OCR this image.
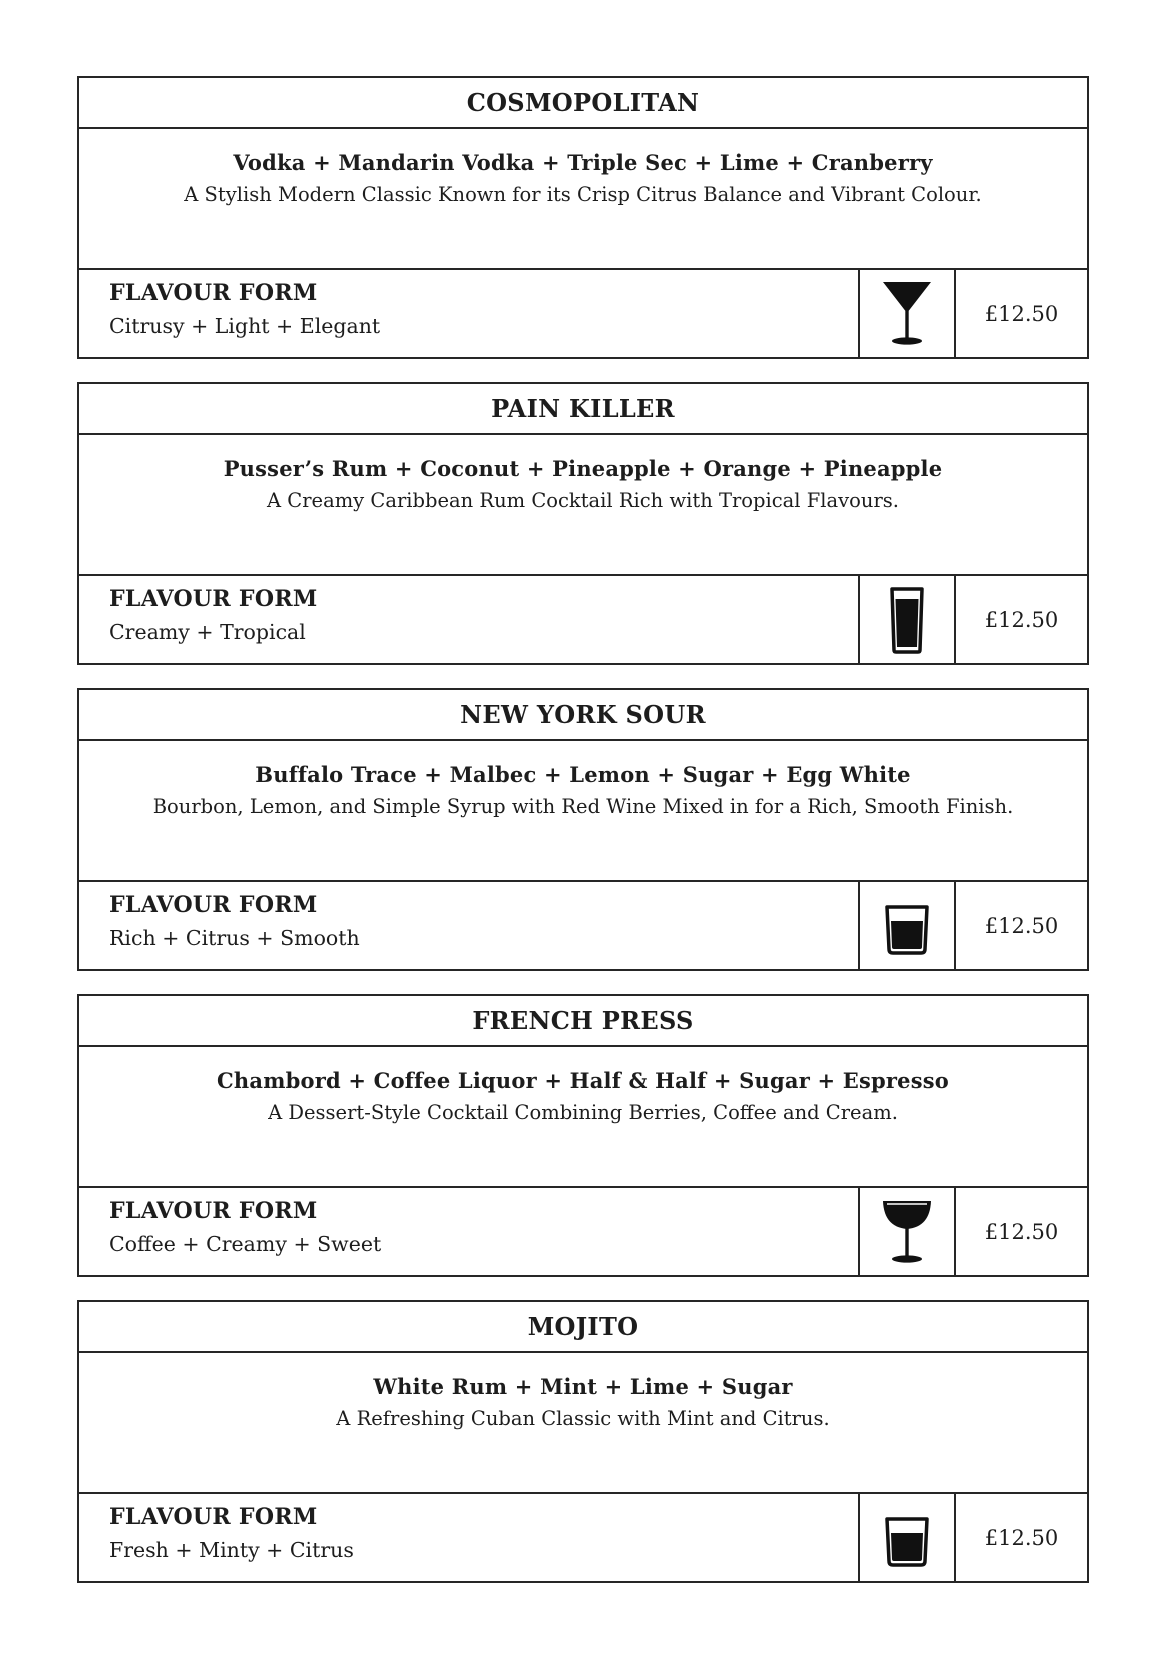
COSMOPOLITAN
Vodka + Mandarin Vodka + Triple Sec + Lime + Cranberry
A Stylish Modern Classic Known for its Crisp Citrus Balance and Vibrant Colour.
FLAVOUR FORM
Citrusy + Light + Elegant
£12.50
PAIN KILLER
Pusser’s Rum + Coconut + Pineapple + Orange + Pineapple
A Creamy Caribbean Rum Cocktail Rich with Tropical Flavours.
FLAVOUR FORM
Creamy + Tropical
£12.50
NEW YORK SOUR
Buffalo Trace + Malbec + Lemon + Sugar + Egg White
Bourbon, Lemon, and Simple Syrup with Red Wine Mixed in for a Rich, Smooth Finish.
FLAVOUR FORM
Rich + Citrus + Smooth
£12.50
FRENCH PRESS
Chambord + Coffee Liquor + Half & Half + Sugar + Espresso
A Dessert-Style Cocktail Combining Berries, Coffee and Cream.
FLAVOUR FORM
Coffee + Creamy + Sweet
£12.50
MOJITO
White Rum + Mint + Lime + Sugar
A Refreshing Cuban Classic with Mint and Citrus.
FLAVOUR FORM
Fresh + Minty + Citrus
£12.50
